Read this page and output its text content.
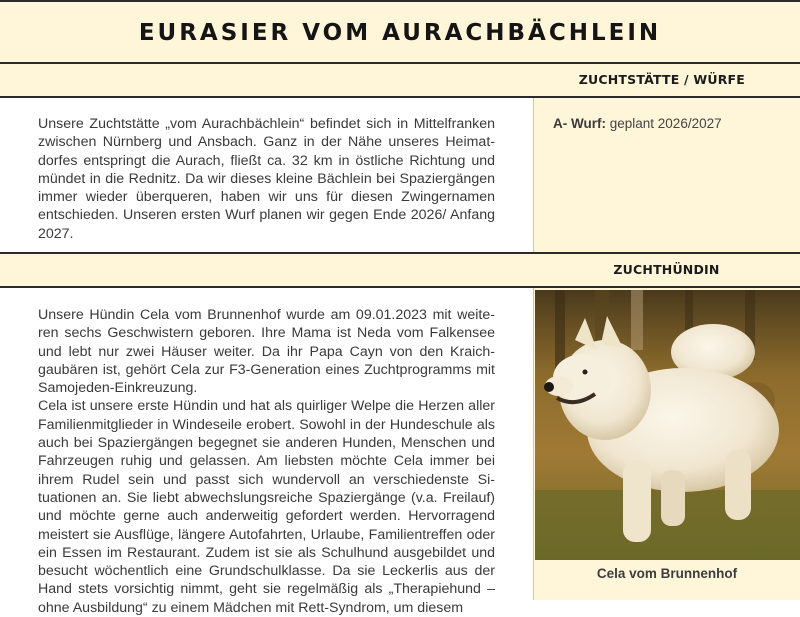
EURASIER VOM AURACHBÄCHLEIN
ZUCHTSTÄTTE / WÜRFE

Unsere Zuchtstätte „vom Aurachbächlein“ befindet sich in Mittelfranken zwischen Nürnberg und Ansbach. Ganz in der Nähe unseres Heimatdorfes entspringt die Aurach, fließt ca. 32 km in östliche Richtung und mündet in die Rednitz. Da wir dieses kleine Bächlein bei Spaziergängen immer wieder überqueren, haben wir uns für diesen Zwingernamen entschieden. Unseren ersten Wurf planen wir gegen Ende 2026/ Anfang 2027.

A- Wurf: geplant 2026/2027
ZUCHTHÜNDIN

Unsere Hündin Cela vom Brunnenhof wurde am 09.01.2023 mit weiteren sechs Geschwistern geboren. Ihre Mama ist Neda vom Falkensee und lebt nur zwei Häuser weiter. Da ihr Papa Cayn von den Kraichgaubären ist, gehört Cela zur F3-Generation eines Zuchtprogramms mit Samojeden-Einkreuzung.

Cela ist unsere erste Hündin und hat als quirliger Welpe die Herzen aller Familienmitglieder in Windeseile erobert. Sowohl in der Hundeschule als auch bei Spaziergängen begegnet sie anderen Hunden, Menschen und Fahrzeugen ruhig und gelassen. Am liebsten möchte Cela immer bei ihrem Rudel sein und passt sich wundervoll an verschiedenste Situationen an. Sie liebt abwechslungsreiche Spaziergänge (v.a. Freilauf) und möchte gerne auch anderweitig gefordert werden. Hervorragend meistert sie Ausflüge, längere Autofahrten, Urlaube, Familientreffen oder ein Essen im Restaurant. Zudem ist sie als Schulhund ausgebildet und besucht wöchentlich eine Grundschulklasse. Da sie Leckerlis aus der Hand stets vorsichtig nimmt, geht sie regelmäßig als „Therapiehund – ohne Ausbildung“ zu einem Mädchen mit Rett-Syndrom, um diesem

Cela vom Brunnenhof
